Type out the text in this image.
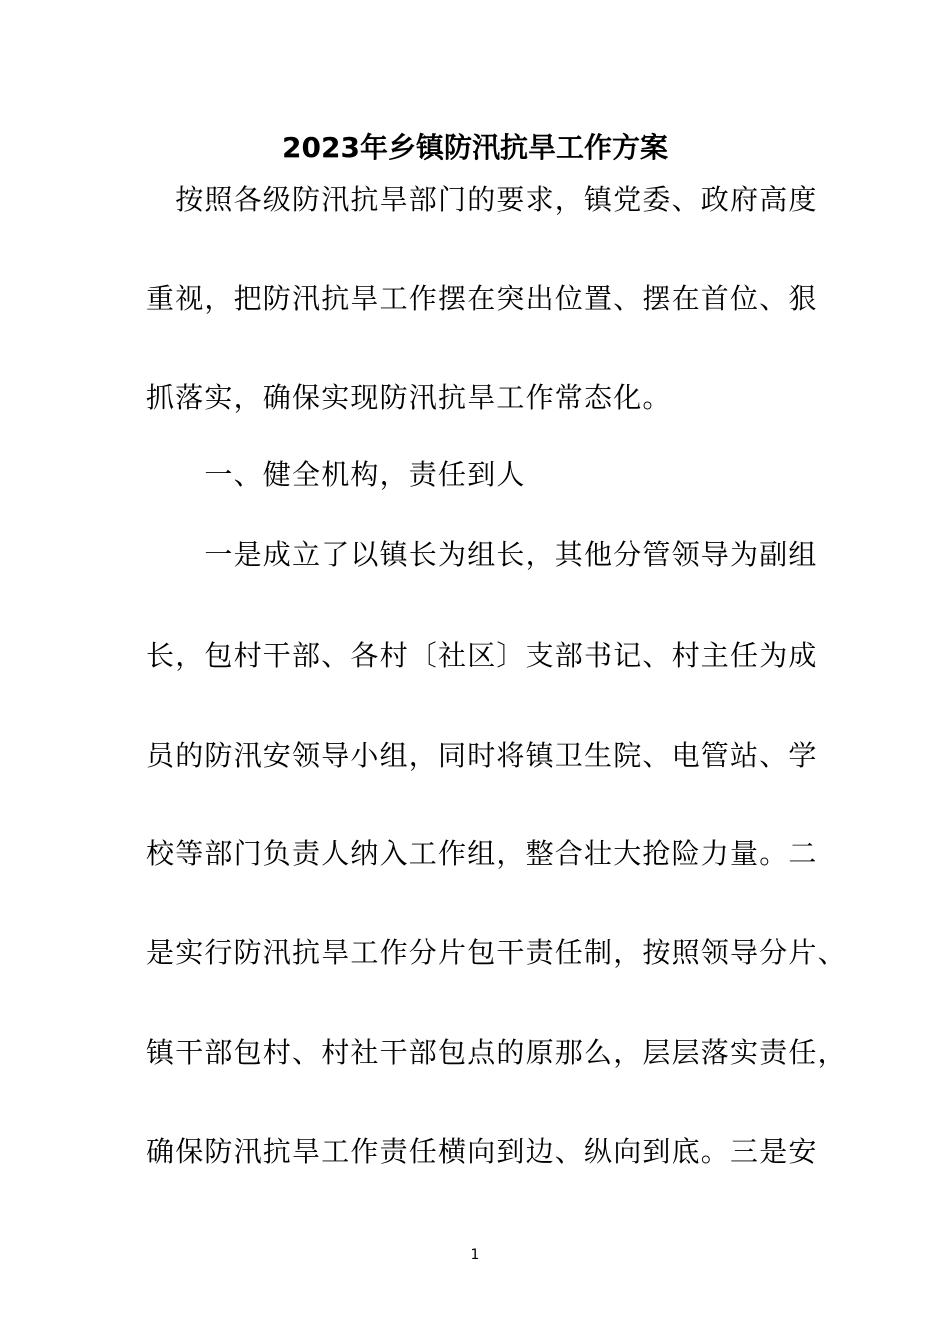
2023年乡镇防汛抗旱工作方案
　按照各级防汛抗旱部门的要求，镇党委、政府高度
重视，把防汛抗旱工作摆在突出位置、摆在首位、狠
抓落实，确保实现防汛抗旱工作常态化。
　　一、健全机构，责任到人
　　一是成立了以镇长为组长，其他分管领导为副组
长，包村干部、各村〔社区〕支部书记、村主任为成
员的防汛安领导小组，同时将镇卫生院、电管站、学
校等部门负责人纳入工作组，整合壮大抢险力量。二
是实行防汛抗旱工作分片包干责任制，按照领导分片、
镇干部包村、村社干部包点的原那么，层层落实责任，
确保防汛抗旱工作责任横向到边、纵向到底。三是安
1
